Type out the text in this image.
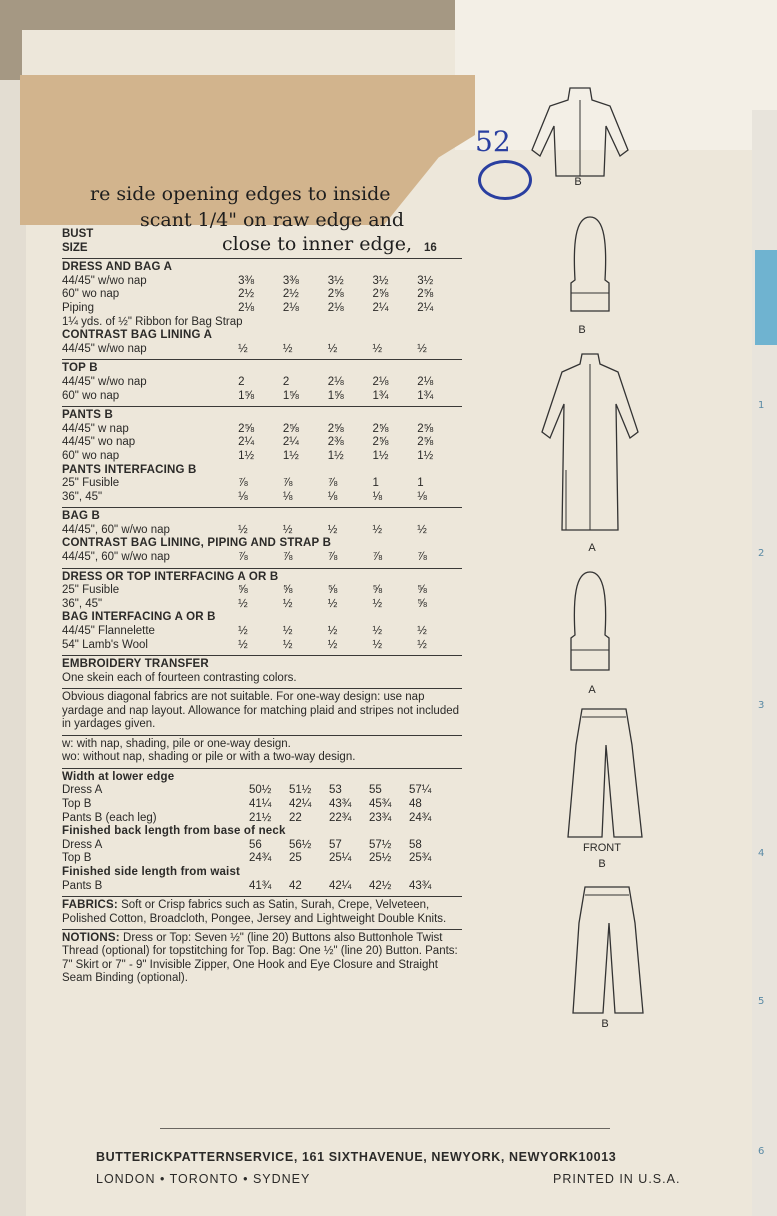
re side opening edges to inside
scant 1/4" on raw edge and
close to inner edge,
52
1
2
3
4
5
6
BUST
SIZE	16
DRESS AND BAG A
44/45" w/wo nap	3⅜	3⅜	3½	3½	3½
60" wo nap	2½	2½	2⅝	2⅝	2⅝
Piping	2⅛	2⅛	2⅛	2¼	2¼
1¼ yds. of ½" Ribbon for Bag Strap
CONTRAST BAG LINING A
44/45" w/wo nap	½	½	½	½	½
TOP B
44/45" w/wo nap	2	2	2⅛	2⅛	2⅛
60" wo nap	1⅝	1⅝	1⅝	1¾	1¾
PANTS B
44/45" w nap	2⅝	2⅝	2⅝	2⅝	2⅝
44/45" wo nap	2¼	2¼	2⅜	2⅝	2⅝
60" wo nap	1½	1½	1½	1½	1½
PANTS INTERFACING B
25" Fusible	⅞	⅞	⅞	1	1
36", 45"	⅛	⅛	⅛	⅛	⅛
BAG B
44/45", 60" w/wo nap	½	½	½	½	½
CONTRAST BAG LINING, PIPING AND STRAP B
44/45", 60" w/wo nap	⅞	⅞	⅞	⅞	⅞
DRESS OR TOP INTERFACING A OR B
25" Fusible	⅝	⅝	⅝	⅝	⅝
36", 45"	½	½	½	½	⅝
BAG INTERFACING A OR B
44/45" Flannelette	½	½	½	½	½
54" Lamb's Wool	½	½	½	½	½
EMBROIDERY TRANSFER
One skein each of fourteen contrasting colors.
Obvious diagonal fabrics are not suitable. For one-way design: use nap yardage and nap layout. Allowance for matching plaid and stripes not included in yardages given.
w: with nap, shading, pile or one-way design.
wo: without nap, shading or pile or with a two-way design.
Width at lower edge
Dress A	50½	51½	53	55	57¼
Top B	41¼	42¼	43¾	45¾	48
Pants B (each leg)	21½	22	22¾	23¾	24¾
Finished back length from base of neck
Dress A	56	56½	57	57½	58
Top B	24¾	25	25¼	25½	25¾
Finished side length from waist
Pants B	41¾	42	42¼	42½	43¾
FABRICS: Soft or Crisp fabrics such as Satin, Surah, Crepe, Velveteen, Polished Cotton, Broadcloth, Pongee, Jersey and Lightweight Double Knits.
NOTIONS: Dress or Top: Seven ½" (line 20) Buttons also Buttonhole Twist Thread (optional) for topstitching for Top. Bag: One ½" (line 20) Button. Pants: 7" Skirt or 7" - 9" Invisible Zipper, One Hook and Eye Closure and Straight Seam Binding (optional).
B
B
A
A
FRONT
B
B
BUTTERICKPATTERNSERVICE, 161 SIXTHAVENUE, NEWYORK, NEWYORK10013
LONDON • TORONTO • SYDNEY	PRINTED IN U.S.A.
